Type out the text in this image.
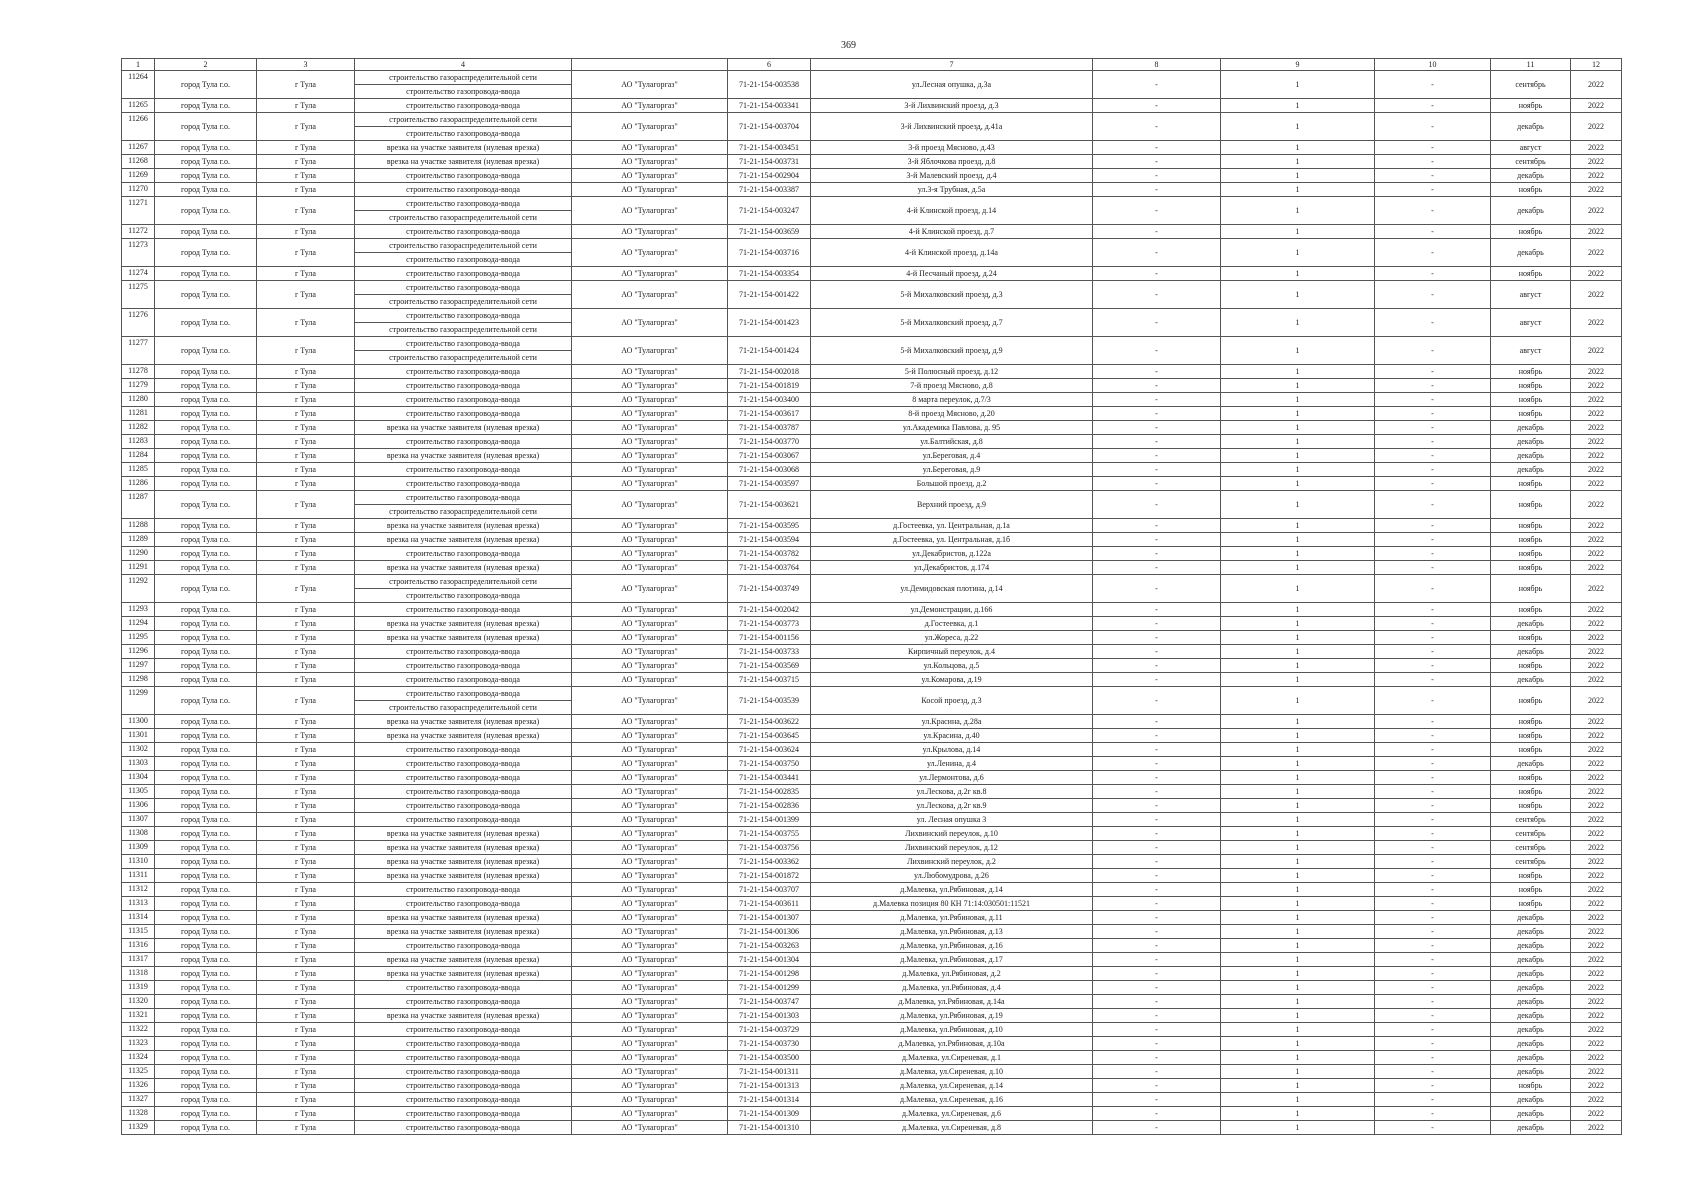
369
1	2	3	4		6	7	8	9	10	11	12
11264	город Тула г.о.	г Тула	строительство газораспределительной сети
строительство газопровода-ввода	АО "Тулагоргаз"	71-21-154-003538	ул.Лесная опушка, д.3а	-	1	-	сентябрь	2022
11265	город Тула г.о.	г Тула	строительство газопровода-ввода	АО "Тулагоргаз"	71-21-154-003341	3-й Лихвинский проезд, д.3	-	1	-	ноябрь	2022
11266	город Тула г.о.	г Тула	строительство газораспределительной сети
строительство газопровода-ввода	АО "Тулагоргаз"	71-21-154-003704	3-й Лихвинский проезд, д.41а	-	1	-	декабрь	2022
11267	город Тула г.о.	г Тула	врезка на участке заявителя (нулевая врезка)	АО "Тулагоргаз"	71-21-154-003451	3-й проезд Мясново, д.43	-	1	-	август	2022
11268	город Тула г.о.	г Тула	врезка на участке заявителя (нулевая врезка)	АО "Тулагоргаз"	71-21-154-003731	3-й Яблочкова проезд, д.8	-	1	-	сентябрь	2022
11269	город Тула г.о.	г Тула	строительство газопровода-ввода	АО "Тулагоргаз"	71-21-154-002904	3-й Малевский проезд, д.4	-	1	-	декабрь	2022
11270	город Тула г.о.	г Тула	строительство газопровода-ввода	АО "Тулагоргаз"	71-21-154-003387	ул.3-я Трубная, д.5а	-	1	-	ноябрь	2022
11271	город Тула г.о.	г Тула	строительство газопровода-ввода
строительство газораспределительной сети	АО "Тулагоргаз"	71-21-154-003247	4-й Клинской проезд, д.14	-	1	-	декабрь	2022
11272	город Тула г.о.	г Тула	строительство газопровода-ввода	АО "Тулагоргаз"	71-21-154-003659	4-й Клинской проезд, д.7	-	1	-	ноябрь	2022
11273	город Тула г.о.	г Тула	строительство газораспределительной сети
строительство газопровода-ввода	АО "Тулагоргаз"	71-21-154-003716	4-й Клинской проезд, д.14а	-	1	-	декабрь	2022
11274	город Тула г.о.	г Тула	строительство газопровода-ввода	АО "Тулагоргаз"	71-21-154-003354	4-й Песчаный проезд, д.24	-	1	-	ноябрь	2022
11275	город Тула г.о.	г Тула	строительство газопровода-ввода
строительство газораспределительной сети	АО "Тулагоргаз"	71-21-154-001422	5-й Михалковский проезд, д.3	-	1	-	август	2022
11276	город Тула г.о.	г Тула	строительство газопровода-ввода
строительство газораспределительной сети	АО "Тулагоргаз"	71-21-154-001423	5-й Михалковский проезд, д.7	-	1	-	август	2022
11277	город Тула г.о.	г Тула	строительство газопровода-ввода
строительство газораспределительной сети	АО "Тулагоргаз"	71-21-154-001424	5-й Михалковский проезд, д.9	-	1	-	август	2022
11278	город Тула г.о.	г Тула	строительство газопровода-ввода	АО "Тулагоргаз"	71-21-154-002018	5-й Полюсный проезд, д.12	-	1	-	ноябрь	2022
11279	город Тула г.о.	г Тула	строительство газопровода-ввода	АО "Тулагоргаз"	71-21-154-001819	7-й проезд Мясново, д.8	-	1	-	ноябрь	2022
11280	город Тула г.о.	г Тула	строительство газопровода-ввода	АО "Тулагоргаз"	71-21-154-003400	8 марта переулок, д.7/3	-	1	-	ноябрь	2022
11281	город Тула г.о.	г Тула	строительство газопровода-ввода	АО "Тулагоргаз"	71-21-154-003617	8-й проезд Мясново, д.20	-	1	-	ноябрь	2022
11282	город Тула г.о.	г Тула	врезка на участке заявителя (нулевая врезка)	АО "Тулагоргаз"	71-21-154-003787	ул.Академика Павлова, д. 95	-	1	-	декабрь	2022
11283	город Тула г.о.	г Тула	строительство газопровода-ввода	АО "Тулагоргаз"	71-21-154-003770	ул.Балтийская, д.8	-	1	-	декабрь	2022
11284	город Тула г.о.	г Тула	врезка на участке заявителя (нулевая врезка)	АО "Тулагоргаз"	71-21-154-003067	ул.Береговая, д.4	-	1	-	декабрь	2022
11285	город Тула г.о.	г Тула	строительство газопровода-ввода	АО "Тулагоргаз"	71-21-154-003068	ул.Береговая, д.9	-	1	-	декабрь	2022
11286	город Тула г.о.	г Тула	строительство газопровода-ввода	АО "Тулагоргаз"	71-21-154-003597	Большой проезд, д.2	-	1	-	ноябрь	2022
11287	город Тула г.о.	г Тула	строительство газопровода-ввода
строительство газораспределительной сети	АО "Тулагоргаз"	71-21-154-003621	Верхний проезд, д.9	-	1	-	ноябрь	2022
11288	город Тула г.о.	г Тула	врезка на участке заявителя (нулевая врезка)	АО "Тулагоргаз"	71-21-154-003595	д.Гостеевка, ул. Центральная, д.1а	-	1	-	ноябрь	2022
11289	город Тула г.о.	г Тула	врезка на участке заявителя (нулевая врезка)	АО "Тулагоргаз"	71-21-154-003594	д.Гостеевка, ул. Центральная, д.1б	-	1	-	ноябрь	2022
11290	город Тула г.о.	г Тула	строительство газопровода-ввода	АО "Тулагоргаз"	71-21-154-003782	ул.Декабристов, д.122а	-	1	-	ноябрь	2022
11291	город Тула г.о.	г Тула	врезка на участке заявителя (нулевая врезка)	АО "Тулагоргаз"	71-21-154-003764	ул.Декабристов, д.174	-	1	-	ноябрь	2022
11292	город Тула г.о.	г Тула	строительство газораспределительной сети
строительство газопровода-ввода	АО "Тулагоргаз"	71-21-154-003749	ул.Демидовская плотина, д.14	-	1	-	ноябрь	2022
11293	город Тула г.о.	г Тула	строительство газопровода-ввода	АО "Тулагоргаз"	71-21-154-002042	ул.Демонстрации, д.166	-	1	-	ноябрь	2022
11294	город Тула г.о.	г Тула	врезка на участке заявителя (нулевая врезка)	АО "Тулагоргаз"	71-21-154-003773	д.Гостеевка, д.1	-	1	-	декабрь	2022
11295	город Тула г.о.	г Тула	врезка на участке заявителя (нулевая врезка)	АО "Тулагоргаз"	71-21-154-001156	ул.Жореса, д.22	-	1	-	ноябрь	2022
11296	город Тула г.о.	г Тула	строительство газопровода-ввода	АО "Тулагоргаз"	71-21-154-003733	Кирпичный переулок, д.4	-	1	-	декабрь	2022
11297	город Тула г.о.	г Тула	строительство газопровода-ввода	АО "Тулагоргаз"	71-21-154-003569	ул.Кольцова, д.5	-	1	-	ноябрь	2022
11298	город Тула г.о.	г Тула	строительство газопровода-ввода	АО "Тулагоргаз"	71-21-154-003715	ул.Комарова, д.19	-	1	-	декабрь	2022
11299	город Тула г.о.	г Тула	строительство газопровода-ввода
строительство газораспределительной сети	АО "Тулагоргаз"	71-21-154-003539	Косой проезд, д.3	-	1	-	ноябрь	2022
11300	город Тула г.о.	г Тула	врезка на участке заявителя (нулевая врезка)	АО "Тулагоргаз"	71-21-154-003622	ул.Красина, д.28а	-	1	-	ноябрь	2022
11301	город Тула г.о.	г Тула	врезка на участке заявителя (нулевая врезка)	АО "Тулагоргаз"	71-21-154-003645	ул.Красина, д.40	-	1	-	ноябрь	2022
11302	город Тула г.о.	г Тула	строительство газопровода-ввода	АО "Тулагоргаз"	71-21-154-003624	ул.Крылова, д.14	-	1	-	ноябрь	2022
11303	город Тула г.о.	г Тула	строительство газопровода-ввода	АО "Тулагоргаз"	71-21-154-003750	ул.Ленина, д.4	-	1	-	декабрь	2022
11304	город Тула г.о.	г Тула	строительство газопровода-ввода	АО "Тулагоргаз"	71-21-154-003441	ул.Лермонтова, д.6	-	1	-	ноябрь	2022
11305	город Тула г.о.	г Тула	строительство газопровода-ввода	АО "Тулагоргаз"	71-21-154-002835	ул.Лескова, д.2г кв.8	-	1	-	ноябрь	2022
11306	город Тула г.о.	г Тула	строительство газопровода-ввода	АО "Тулагоргаз"	71-21-154-002836	ул.Лескова, д.2г кв.9	-	1	-	ноябрь	2022
11307	город Тула г.о.	г Тула	строительство газопровода-ввода	АО "Тулагоргаз"	71-21-154-001399	ул. Лесная опушка 3	-	1	-	сентябрь	2022
11308	город Тула г.о.	г Тула	врезка на участке заявителя (нулевая врезка)	АО "Тулагоргаз"	71-21-154-003755	Лихвинский переулок, д.10	-	1	-	сентябрь	2022
11309	город Тула г.о.	г Тула	врезка на участке заявителя (нулевая врезка)	АО "Тулагоргаз"	71-21-154-003756	Лихвинский переулок, д.12	-	1	-	сентябрь	2022
11310	город Тула г.о.	г Тула	врезка на участке заявителя (нулевая врезка)	АО "Тулагоргаз"	71-21-154-003362	Лихвинский переулок, д.2	-	1	-	сентябрь	2022
11311	город Тула г.о.	г Тула	врезка на участке заявителя (нулевая врезка)	АО "Тулагоргаз"	71-21-154-001872	ул.Любомудрова, д.26	-	1	-	ноябрь	2022
11312	город Тула г.о.	г Тула	строительство газопровода-ввода	АО "Тулагоргаз"	71-21-154-003707	д.Малевка, ул.Рябиновая, д.14	-	1	-	ноябрь	2022
11313	город Тула г.о.	г Тула	строительство газопровода-ввода	АО "Тулагоргаз"	71-21-154-003611	д.Малевка позиция 80 КН 71:14:030501:11521	-	1	-	ноябрь	2022
11314	город Тула г.о.	г Тула	врезка на участке заявителя (нулевая врезка)	АО "Тулагоргаз"	71-21-154-001307	д.Малевка, ул.Рябиновая, д.11	-	1	-	декабрь	2022
11315	город Тула г.о.	г Тула	врезка на участке заявителя (нулевая врезка)	АО "Тулагоргаз"	71-21-154-001306	д.Малевка, ул.Рябиновая, д.13	-	1	-	декабрь	2022
11316	город Тула г.о.	г Тула	строительство газопровода-ввода	АО "Тулагоргаз"	71-21-154-003263	д.Малевка, ул.Рябиновая, д.16	-	1	-	декабрь	2022
11317	город Тула г.о.	г Тула	врезка на участке заявителя (нулевая врезка)	АО "Тулагоргаз"	71-21-154-001304	д.Малевка, ул.Рябиновая, д.17	-	1	-	декабрь	2022
11318	город Тула г.о.	г Тула	врезка на участке заявителя (нулевая врезка)	АО "Тулагоргаз"	71-21-154-001298	д.Малевка, ул.Рябиновая, д.2	-	1	-	декабрь	2022
11319	город Тула г.о.	г Тула	строительство газопровода-ввода	АО "Тулагоргаз"	71-21-154-001299	д.Малевка, ул.Рябиновая, д.4	-	1	-	декабрь	2022
11320	город Тула г.о.	г Тула	строительство газопровода-ввода	АО "Тулагоргаз"	71-21-154-003747	д.Малевка, ул.Рябиновая, д.14а	-	1	-	декабрь	2022
11321	город Тула г.о.	г Тула	врезка на участке заявителя (нулевая врезка)	АО "Тулагоргаз"	71-21-154-001303	д.Малевка, ул.Рябиновая, д.19	-	1	-	декабрь	2022
11322	город Тула г.о.	г Тула	строительство газопровода-ввода	АО "Тулагоргаз"	71-21-154-003729	д.Малевка, ул.Рябиновая, д.10	-	1	-	декабрь	2022
11323	город Тула г.о.	г Тула	строительство газопровода-ввода	АО "Тулагоргаз"	71-21-154-003730	д.Малевка, ул.Рябиновая, д.10а	-	1	-	декабрь	2022
11324	город Тула г.о.	г Тула	строительство газопровода-ввода	АО "Тулагоргаз"	71-21-154-003500	д.Малевка, ул.Сиреневая, д.1	-	1	-	декабрь	2022
11325	город Тула г.о.	г Тула	строительство газопровода-ввода	АО "Тулагоргаз"	71-21-154-001311	д.Малевка, ул.Сиреневая, д.10	-	1	-	декабрь	2022
11326	город Тула г.о.	г Тула	строительство газопровода-ввода	АО "Тулагоргаз"	71-21-154-001313	д.Малевка, ул.Сиреневая, д.14	-	1	-	ноябрь	2022
11327	город Тула г.о.	г Тула	строительство газопровода-ввода	АО "Тулагоргаз"	71-21-154-001314	д.Малевка, ул.Сиреневая, д.16	-	1	-	декабрь	2022
11328	город Тула г.о.	г Тула	строительство газопровода-ввода	АО "Тулагоргаз"	71-21-154-001309	д.Малевка, ул.Сиреневая, д.6	-	1	-	декабрь	2022
11329	город Тула г.о.	г Тула	строительство газопровода-ввода	АО "Тулагоргаз"	71-21-154-001310	д.Малевка, ул.Сиреневая, д.8	-	1	-	декабрь	2022
